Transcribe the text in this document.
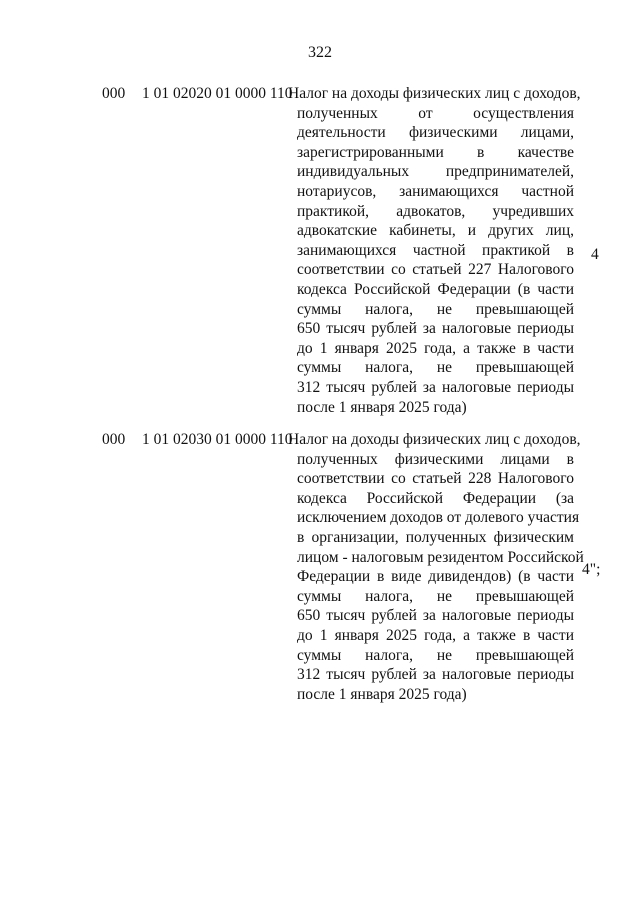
322
000 1 01 02020 01 0000 110
Налог на доходы физических лиц с доходов,
полученных от осуществления
деятельности физическими лицами,
зарегистрированными в качестве
индивидуальных предпринимателей,
нотариусов, занимающихся частной
практикой, адвокатов, учредивших
адвокатские кабинеты, и других лиц,
занимающихся частной практикой в
соответствии со статьей 227 Налогового
кодекса Российской Федерации (в части
суммы налога, не превышающей
650 тысяч рублей за налоговые периоды
до 1 января 2025 года, а также в части
суммы налога, не превышающей
312 тысяч рублей за налоговые периоды
после 1 января 2025 года)
4
000 1 01 02030 01 0000 110
Налог на доходы физических лиц с доходов,
полученных физическими лицами в
соответствии со статьей 228 Налогового
кодекса Российской Федерации (за
исключением доходов от долевого участия
в организации, полученных физическим
лицом - налоговым резидентом Российской
Федерации в виде дивидендов) (в части
суммы налога, не превышающей
650 тысяч рублей за налоговые периоды
до 1 января 2025 года, а также в части
суммы налога, не превышающей
312 тысяч рублей за налоговые периоды
после 1 января 2025 года)
4";
